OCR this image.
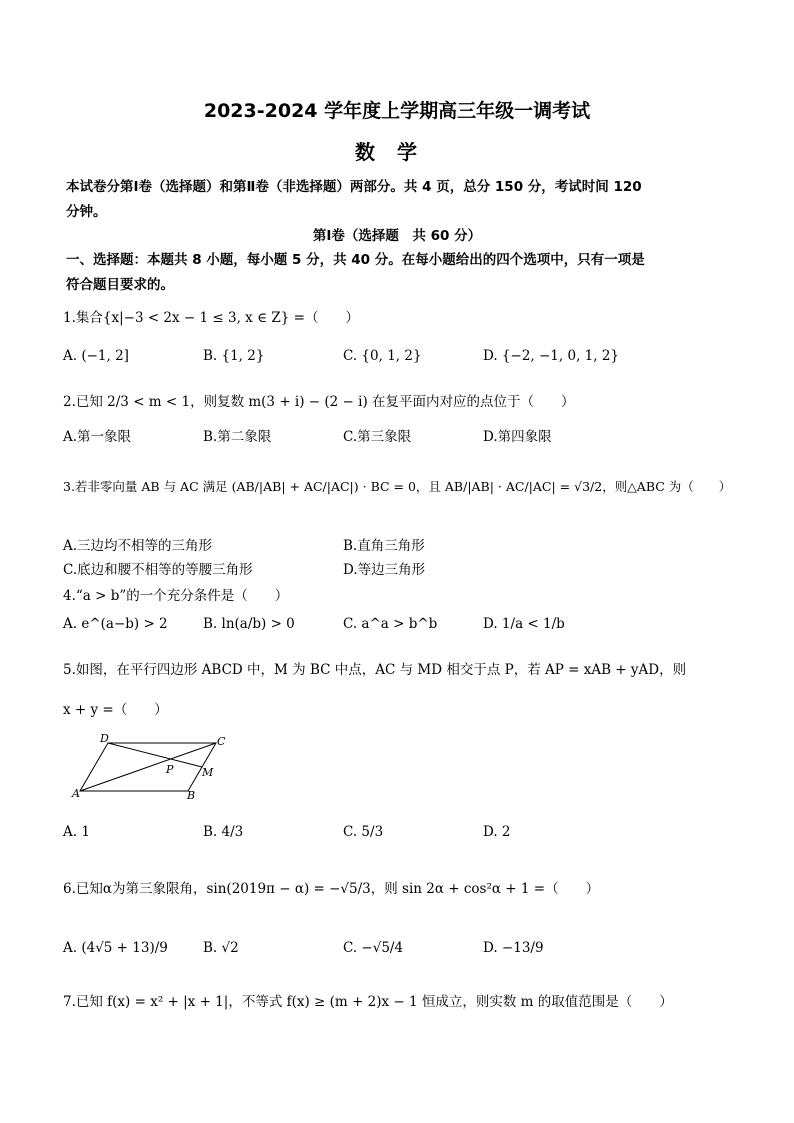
2023-2024 学年度上学期高三年级一调考试
数学
本试卷分第Ⅰ卷（选择题）和第Ⅱ卷（非选择题）两部分。共 4 页，总分 150 分，考试时间 120
分钟。
第Ⅰ卷（选择题　共 60 分）
一、选择题：本题共 8 小题，每小题 5 分，共 40 分。在每小题给出的四个选项中，只有一项是
符合题目要求的。
1.集合{x|−3 < 2x − 1 ≤ 3, x ∈ Z} =（　　）
A. (−1, 2]	B. {1, 2}	C. {0, 1, 2}	D. {−2, −1, 0, 1, 2}
2.已知 2/3 < m < 1，则复数 m(3 + i) − (2 − i) 在复平面内对应的点位于（　　）
A.第一象限	B.第二象限	C.第三象限	D.第四象限
3.若非零向量 AB 与 AC 满足 (AB/|AB| + AC/|AC|) · BC = 0，且 AB/|AB| · AC/|AC| = √3/2，则△ABC 为（　　）
A.三边均不相等的三角形	B.直角三角形
C.底边和腰不相等的等腰三角形	D.等边三角形
4.“a > b”的一个充分条件是（　　）
A. e^(a−b) > 2	B. ln(a/b) > 0	C. a^a > b^b	D. 1/a < 1/b
5.如图，在平行四边形 ABCD 中，M 为 BC 中点，AC 与 MD 相交于点 P，若 AP = xAB + yAD，则
x + y =（　　）
A	B
C
D
M
P
A. 1	B. 4/3	C. 5/3	D. 2
6.已知α为第三象限角，sin(2019π − α) = −√5/3，则 sin 2α + cos²α + 1 =（　　）
A. (4√5 + 13)/9	B. √2	C. −√5/4	D. −13/9
7.已知 f(x) = x² + |x + 1|，不等式 f(x) ≥ (m + 2)x − 1 恒成立，则实数 m 的取值范围是（　　）
